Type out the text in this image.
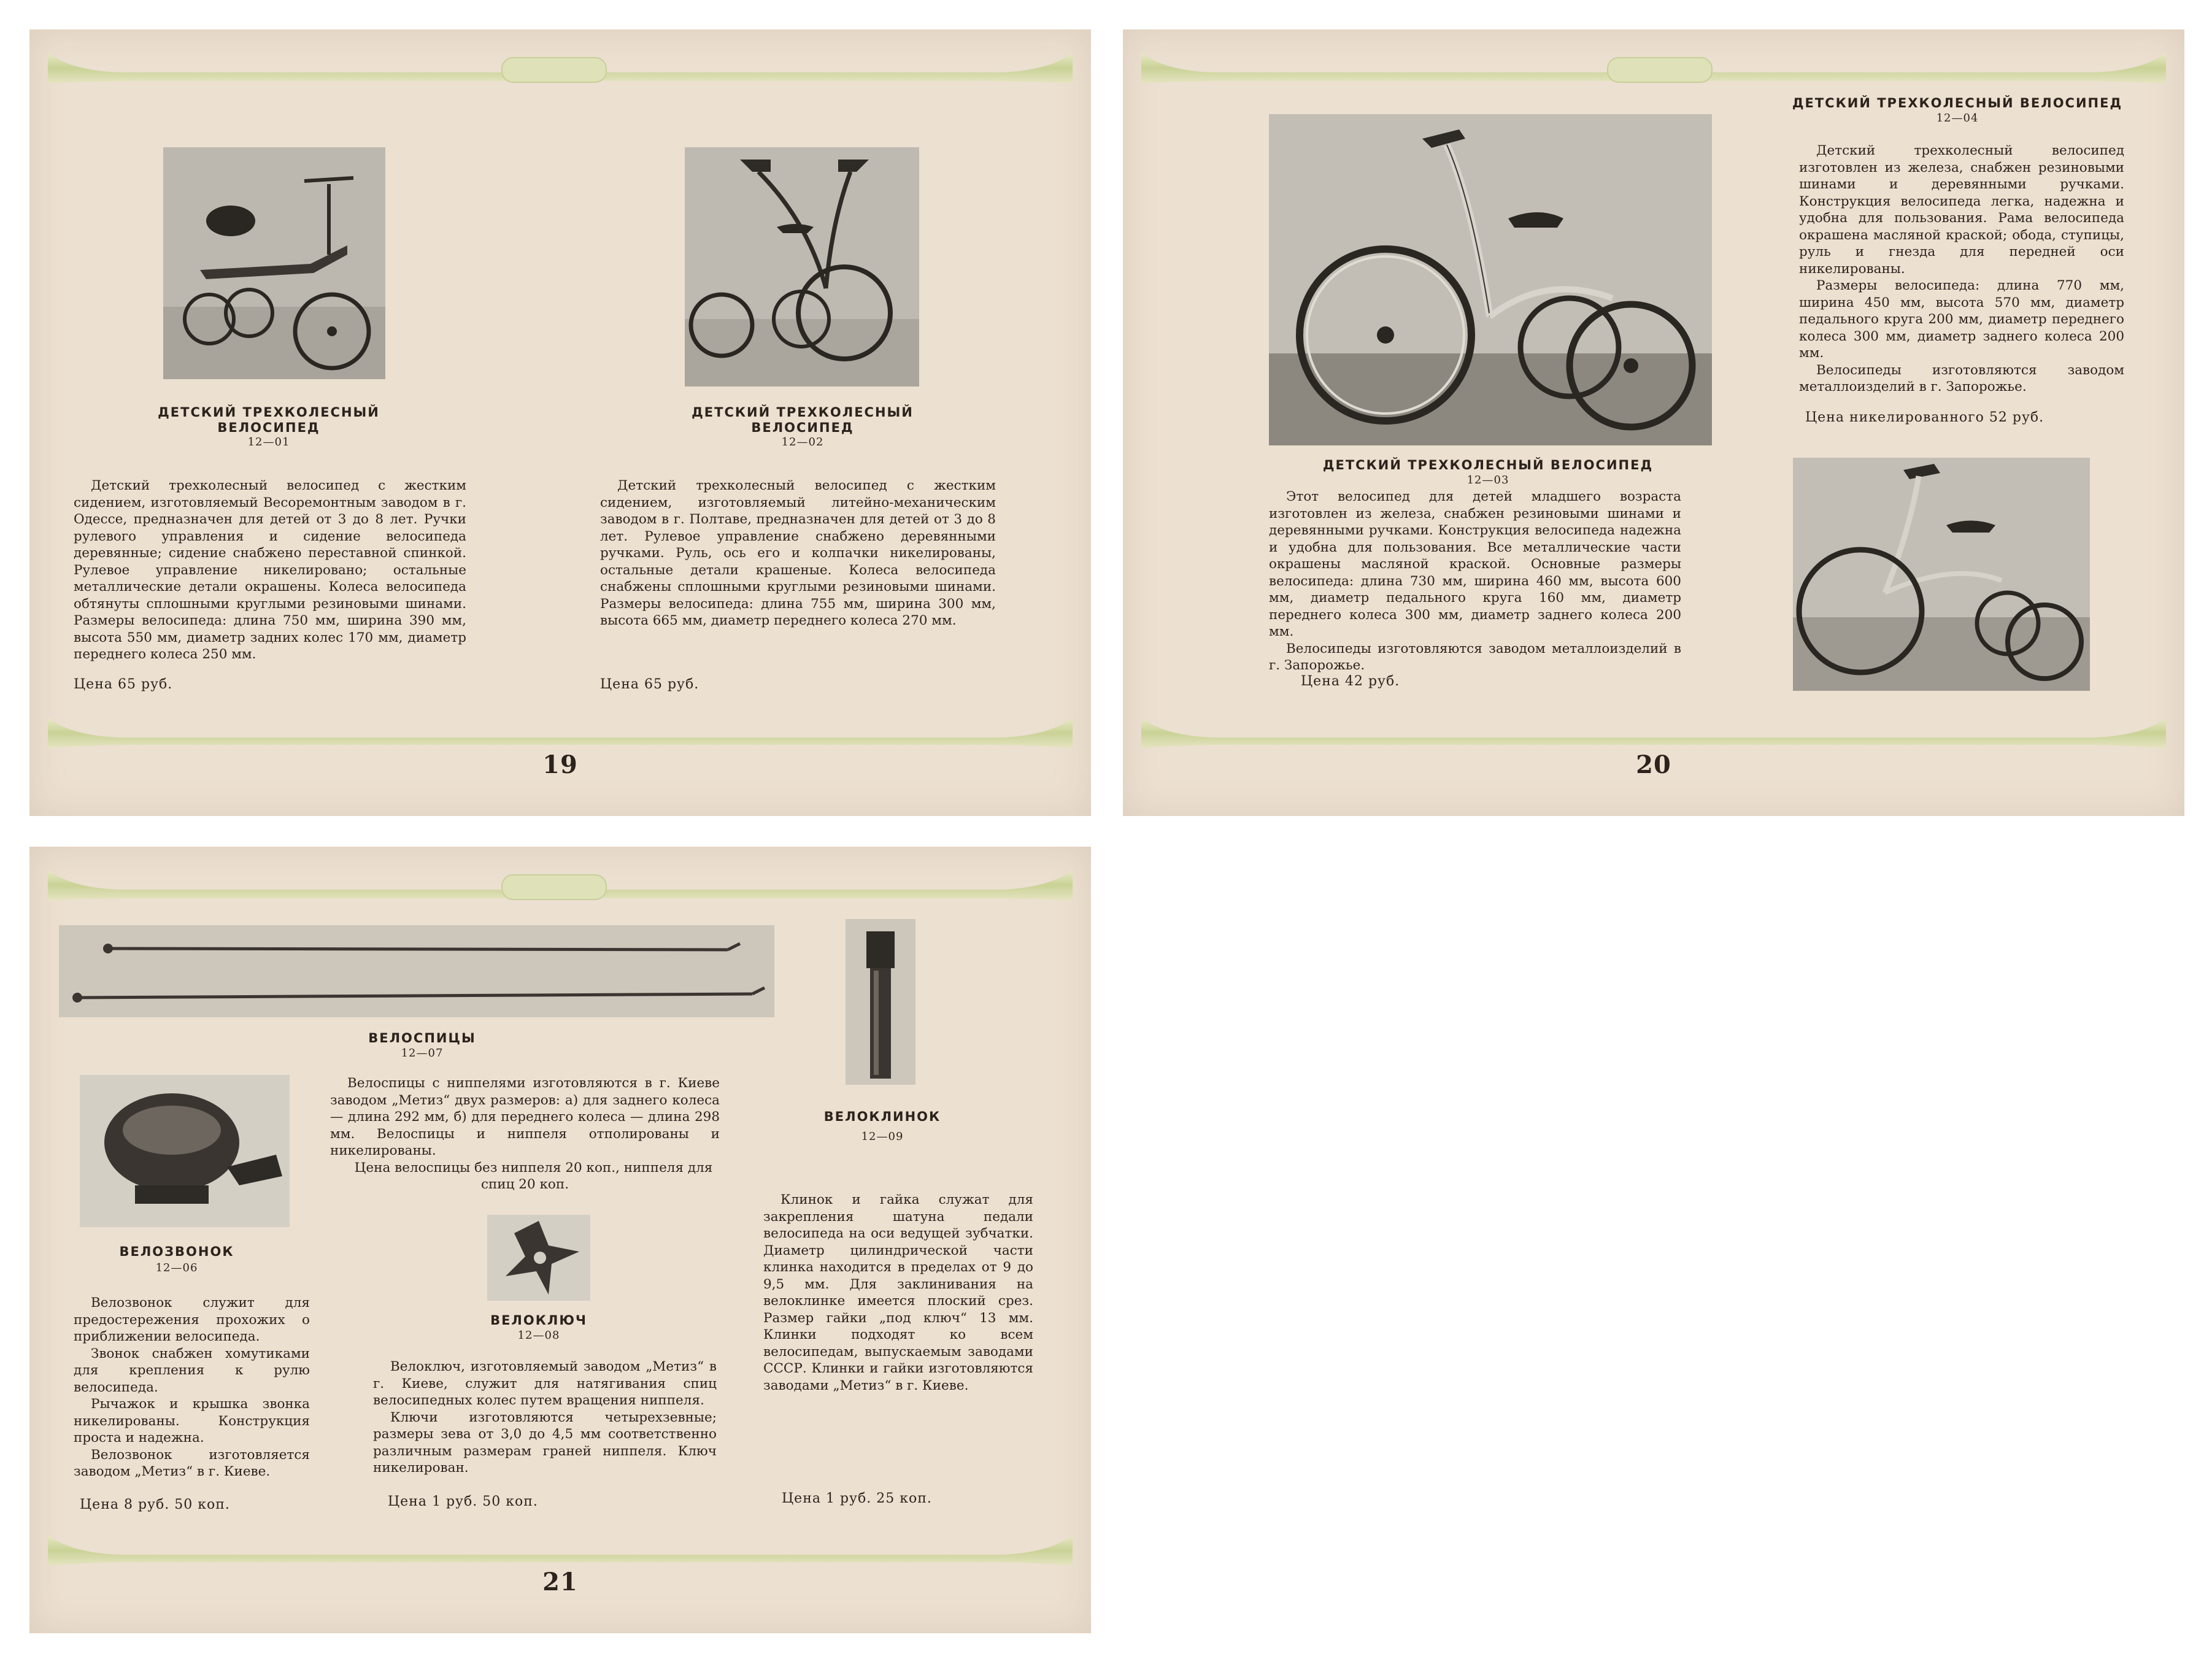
ДЕТСКИЙ ТРЕХКОЛЕСНЫЙ
ВЕЛОСИПЕД
12—01
Детский трехколесный велосипед с жестким сидением, изготовляемый Весоремонтным заводом в г. Одессе, предназначен для детей от 3 до 8 лет. Ручки рулевого управления и сидение велосипеда деревянные; сидение снабжено переставной спинкой. Рулевое управление никелировано; остальные металлические детали окрашены. Колеса велосипеда обтянуты сплошными круглыми резиновыми шинами. Размеры велосипеда: длина 750 мм, ширина 390 мм, высота 550 мм, диаметр задних колес 170 мм, диаметр переднего колеса 250 мм.
Цена 65 руб.
ДЕТСКИЙ ТРЕХКОЛЕСНЫЙ
ВЕЛОСИПЕД
12—02
Детский трехколесный велосипед с жестким сидением, изготовляемый литейно-механическим заводом в г. Полтаве, предназначен для детей от 3 до 8 лет. Рулевое управление снабжено деревянными ручками. Руль, ось его и колпачки никелированы, остальные детали крашеные. Колеса велосипеда снабжены сплошными круглыми резиновыми шинами. Размеры велосипеда: длина 755 мм, ширина 300 мм, высота 665 мм, диаметр переднего колеса 270 мм.
Цена 65 руб.
19
ДЕТСКИЙ ТРЕХКОЛЕСНЫЙ ВЕЛОСИПЕД
12—03

Этот велосипед для детей младшего возраста изготовлен из железа, снабжен резиновыми шинами и деревянными ручками. Конструкция велосипеда надежна и удобна для пользования. Все металлические части окрашены масляной краской. Основные размеры велосипеда: длина 730 мм, ширина 460 мм, высота 600 мм, диаметр педального круга 160 мм, диаметр переднего колеса 300 мм, диаметр заднего колеса 200 мм.

Велосипеды изготовляются заводом металлоизделий в г. Запорожье.

Цена 42 руб.
ДЕТСКИЙ ТРЕХКОЛЕСНЫЙ ВЕЛОСИПЕД
12—04

Детский трехколесный велосипед изготовлен из железа, снабжен резиновыми шинами и деревянными ручками. Конструкция велосипеда легка, надежна и удобна для пользования. Рама велосипеда окрашена масляной краской; обода, ступицы, руль и гнезда для передней оси никелированы.

Размеры велосипеда: длина 770 мм, ширина 450 мм, высота 570 мм, диаметр педального круга 200 мм, диаметр переднего колеса 300 мм, диаметр заднего колеса 200 мм.

Велосипеды изготовляются заводом металлоизделий в г. Запорожье.

Цена никелированного 52 руб.
20
ВЕЛОСПИЦЫ
12—07

Велоспицы с ниппелями изготовляются в г. Киеве заводом „Метиз“ двух размеров: а) для заднего колеса — длина 292 мм, б) для переднего колеса — длина 298 мм. Велоспицы и ниппеля отполированы и никелированы.

Цена велоспицы без ниппеля 20 коп., ниппеля для спиц 20 коп.

ВЕЛОКЛИНОК
12—09
ВЕЛОЗВОНОК
12—06

Велозвонок служит для предостережения прохожих о приближении велосипеда.

Звонок снабжен хомутиками для крепления к рулю велосипеда.

Рычажок и крышка звонка никелированы. Конструкция проста и надежна.

Велозвонок изготовляется заводом „Метиз“ в г. Киеве.

Цена 8 руб. 50 коп.
ВЕЛОКЛЮЧ
12—08

Велоключ, изготовляемый заводом „Метиз“ в г. Киеве, служит для натягивания спиц велосипедных колес путем вращения ниппеля.

Ключи изготовляются четырехзевные; размеры зева от 3,0 до 4,5 мм соответственно различным размерам граней ниппеля. Ключ никелирован.

Цена 1 руб. 50 коп.
Клинок и гайка служат для закрепления шатуна педали велосипеда на оси ведущей зубчатки. Диаметр цилиндрической части клинка находится в пределах от 9 до 9,5 мм. Для заклинивания на велоклинке имеется плоский срез. Размер гайки „под ключ“ 13 мм. Клинки подходят ко всем велосипедам, выпускаемым заводами СССР. Клинки и гайки изготовляются заводами „Метиз“ в г. Киеве.
Цена 1 руб. 25 коп.
21
